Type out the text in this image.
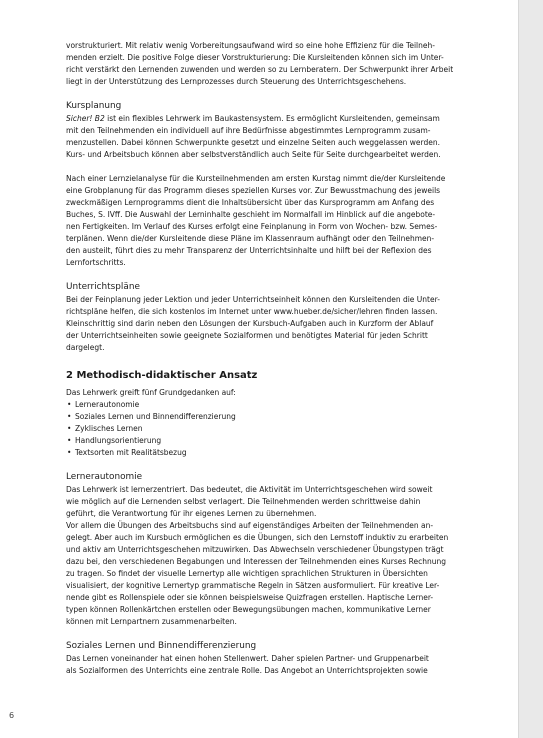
vorstrukturiert. Mit relativ wenig Vorbereitungsaufwand wird so eine hohe Effizienz für die Teilneh-
menden erzielt. Die positive Folge dieser Vorstrukturierung: Die Kursleitenden können sich im Unter-
richt verstärkt den Lernenden zuwenden und werden so zu Lernberatern. Der Schwerpunkt ihrer Arbeit
liegt in der Unterstützung des Lernprozesses durch Steuerung des Unterrichtsgeschehens.

Kursplanung

Sicher! B2 ist ein flexibles Lehrwerk im Baukastensystem. Es ermöglicht Kursleitenden, gemeinsam
mit den Teilnehmenden ein individuell auf ihre Bedürfnisse abgestimmtes Lernprogramm zusam-
menzustellen. Dabei können Schwerpunkte gesetzt und einzelne Seiten auch weggelassen werden.
Kurs- und Arbeitsbuch können aber selbstverständlich auch Seite für Seite durchgearbeitet werden.

Nach einer Lernzielanalyse für die Kursteilnehmenden am ersten Kurstag nimmt die/der Kursleitende
eine Grobplanung für das Programm dieses speziellen Kurses vor. Zur Bewusstmachung des jeweils
zweckmäßigen Lernprogramms dient die Inhaltsübersicht über das Kursprogramm am Anfang des
Buches, S. IVff. Die Auswahl der Lerninhalte geschieht im Normalfall im Hinblick auf die angebote-
nen Fertigkeiten. Im Verlauf des Kurses erfolgt eine Feinplanung in Form von Wochen- bzw. Semes-
terplänen. Wenn die/der Kursleitende diese Pläne im Klassenraum aufhängt oder den Teilnehmen-
den austeilt, führt dies zu mehr Transparenz der Unterrichtsinhalte und hilft bei der Reflexion des
Lernfortschritts.

Unterrichtspläne

Bei der Feinplanung jeder Lektion und jeder Unterrichtseinheit können den Kursleitenden die Unter-
richtspläne helfen, die sich kostenlos im Internet unter www.hueber.de/sicher/lehren finden lassen.
Kleinschrittig sind darin neben den Lösungen der Kursbuch-Aufgaben auch in Kurzform der Ablauf
der Unterrichtseinheiten sowie geeignete Sozialformen und benötigtes Material für jeden Schritt
dargelegt.

2 Methodisch-didaktischer Ansatz

Das Lehrwerk greift fünf Grundgedanken auf:

• Lernerautonomie
• Soziales Lernen und Binnendifferenzierung
• Zyklisches Lernen
• Handlungsorientierung
• Textsorten mit Realitätsbezug
Lernerautonomie

Das Lehrwerk ist lernerzentriert. Das bedeutet, die Aktivität im Unterrichtsgeschehen wird soweit
wie möglich auf die Lernenden selbst verlagert. Die Teilnehmenden werden schrittweise dahin
geführt, die Verantwortung für ihr eigenes Lernen zu übernehmen.

Vor allem die Übungen des Arbeitsbuchs sind auf eigenständiges Arbeiten der Teilnehmenden an-
gelegt. Aber auch im Kursbuch ermöglichen es die Übungen, sich den Lernstoff induktiv zu erarbeiten
und aktiv am Unterrichtsgeschehen mitzuwirken. Das Abwechseln verschiedener Übungstypen trägt
dazu bei, den verschiedenen Begabungen und Interessen der Teilnehmenden eines Kurses Rechnung
zu tragen. So findet der visuelle Lernertyp alle wichtigen sprachlichen Strukturen in Übersichten
visualisiert, der kognitive Lernertyp grammatische Regeln in Sätzen ausformuliert. Für kreative Ler-
nende gibt es Rollenspiele oder sie können beispielsweise Quizfragen erstellen. Haptische Lerner-
typen können Rollenkärtchen erstellen oder Bewegungsübungen machen, kommunikative Lerner
können mit Lernpartnern zusammenarbeiten.

Soziales Lernen und Binnendifferenzierung

Das Lernen voneinander hat einen hohen Stellenwert. Daher spielen Partner- und Gruppenarbeit
als Sozialformen des Unterrichts eine zentrale Rolle. Das Angebot an Unterrichtsprojekten sowie

6
